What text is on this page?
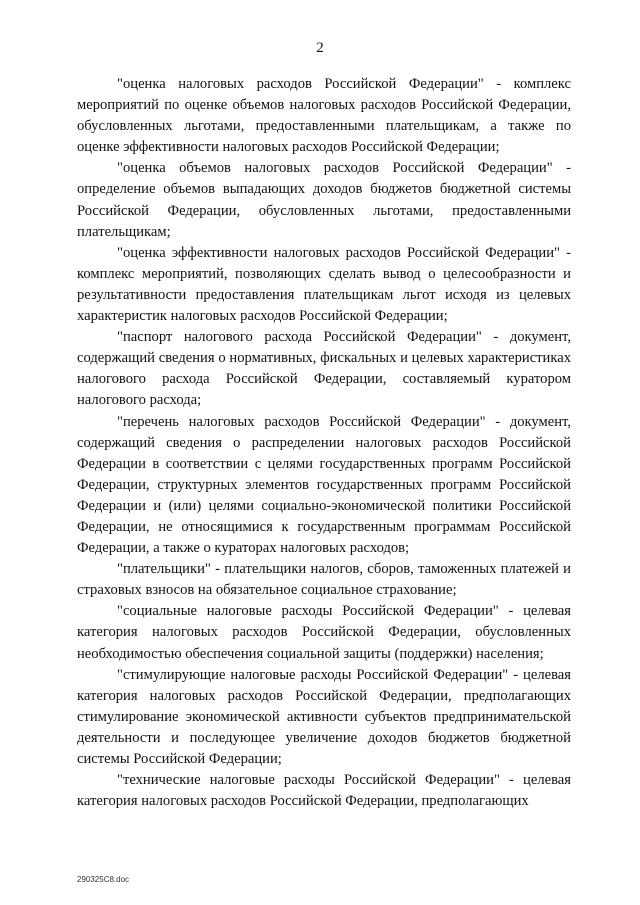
2

"оценка налоговых расходов Российской Федерации" - комплекс мероприятий по оценке объемов налоговых расходов Российской Федерации, обусловленных льготами, предоставленными плательщикам, а также по оценке эффективности налоговых расходов Российской Федерации;

"оценка объемов налоговых расходов Российской Федерации" - определение объемов выпадающих доходов бюджетов бюджетной системы Российской Федерации, обусловленных льготами, предоставленными плательщикам;

"оценка эффективности налоговых расходов Российской Федерации" - комплекс мероприятий, позволяющих сделать вывод о целесообразности и результативности предоставления плательщикам льгот исходя из целевых характеристик налоговых расходов Российской Федерации;

"паспорт налогового расхода Российской Федерации" - документ, содержащий сведения о нормативных, фискальных и целевых характеристиках налогового расхода Российской Федерации, составляемый куратором налогового расхода;

"перечень налоговых расходов Российской Федерации" - документ, содержащий сведения о распределении налоговых расходов Российской Федерации в соответствии с целями государственных программ Российской Федерации, структурных элементов государственных программ Российской Федерации и (или) целями социально-экономической политики Российской Федерации, не относящимися к государственным программам Российской Федерации, а также о кураторах налоговых расходов;

"плательщики" - плательщики налогов, сборов, таможенных платежей и страховых взносов на обязательное социальное страхование;

"социальные налоговые расходы Российской Федерации" - целевая категория налоговых расходов Российской Федерации, обусловленных необходимостью обеспечения социальной защиты (поддержки) населения;

"стимулирующие налоговые расходы Российской Федерации" - целевая категория налоговых расходов Российской Федерации, предполагающих стимулирование экономической активности субъектов предпринимательской деятельности и последующее увеличение доходов бюджетов бюджетной системы Российской Федерации;

"технические налоговые расходы Российской Федерации" - целевая категория налоговых расходов Российской Федерации, предполагающих

290325C8.doc
